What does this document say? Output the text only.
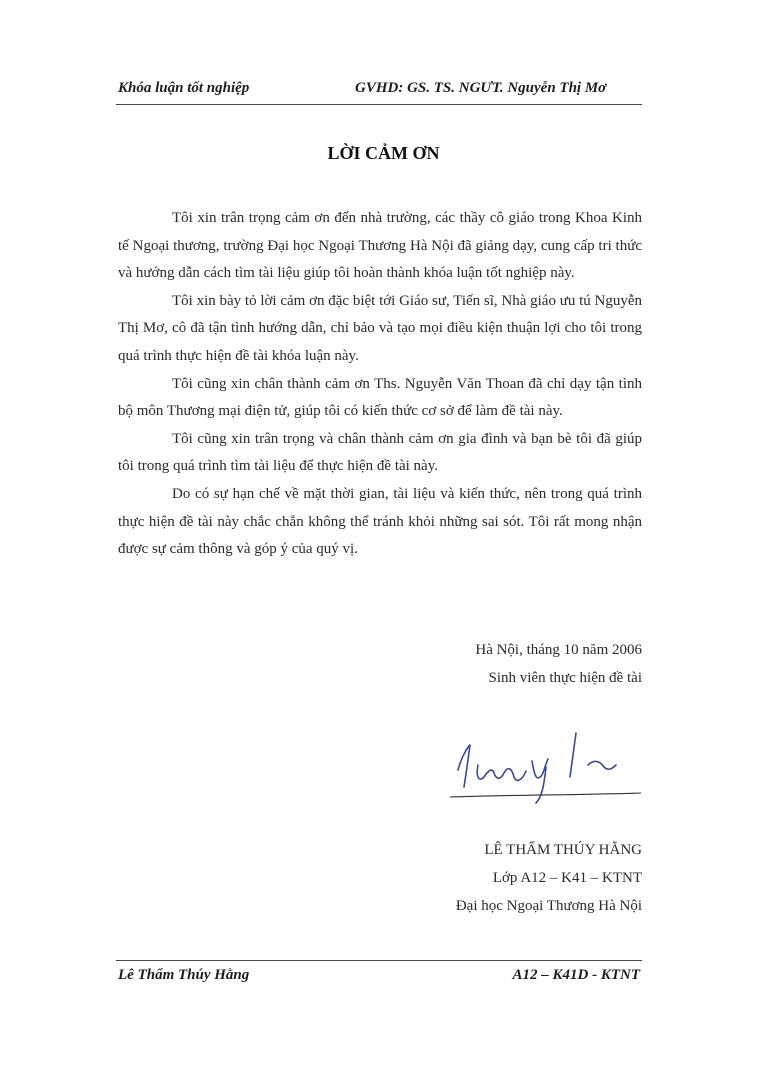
Khóa luận tốt nghiệp	GVHD: GS. TS. NGƯT. Nguyễn Thị Mơ
LỜI CẢM ƠN

Tôi xin trân trọng cảm ơn đến nhà trường, các thầy cô giáo trong Khoa Kinh tế Ngoại thương, trường Đại học Ngoại Thương Hà Nội đã giảng dạy, cung cấp tri thức và hướng dẫn cách tìm tài liệu giúp tôi hoàn thành khóa luận tốt nghiệp này.

Tôi xin bày tỏ lời cảm ơn đặc biệt tới Giáo sư, Tiến sĩ, Nhà giáo ưu tú Nguyễn Thị Mơ, cô đã tận tình hướng dẫn, chỉ bảo và tạo mọi điều kiện thuận lợi cho tôi trong quá trình thực hiện đề tài khóa luận này.

Tôi cũng xin chân thành cảm ơn Ths. Nguyễn Văn Thoan đã chỉ dạy tận tình bộ môn Thương mại điện tử, giúp tôi có kiến thức cơ sở để làm đề tài này.

Tôi cũng xin trân trọng và chân thành cảm ơn gia đình và bạn bè tôi đã giúp tôi trong quá trình tìm tài liệu để thực hiện đề tài này.

Do có sự hạn chế về mặt thời gian, tài liệu và kiến thức, nên trong quá trình thực hiện đề tài này chắc chắn không thể tránh khỏi những sai sót. Tôi rất mong nhận được sự cảm thông và góp ý của quý vị.

Hà Nội, tháng 10 năm 2006
Sinh viên thực hiện đề tài
LÊ THẨM THÚY HẰNG
Lớp A12 – K41 – KTNT
Đại học Ngoại Thương Hà Nội
Lê Thẩm Thúy Hằng	A12 – K41D - KTNT
